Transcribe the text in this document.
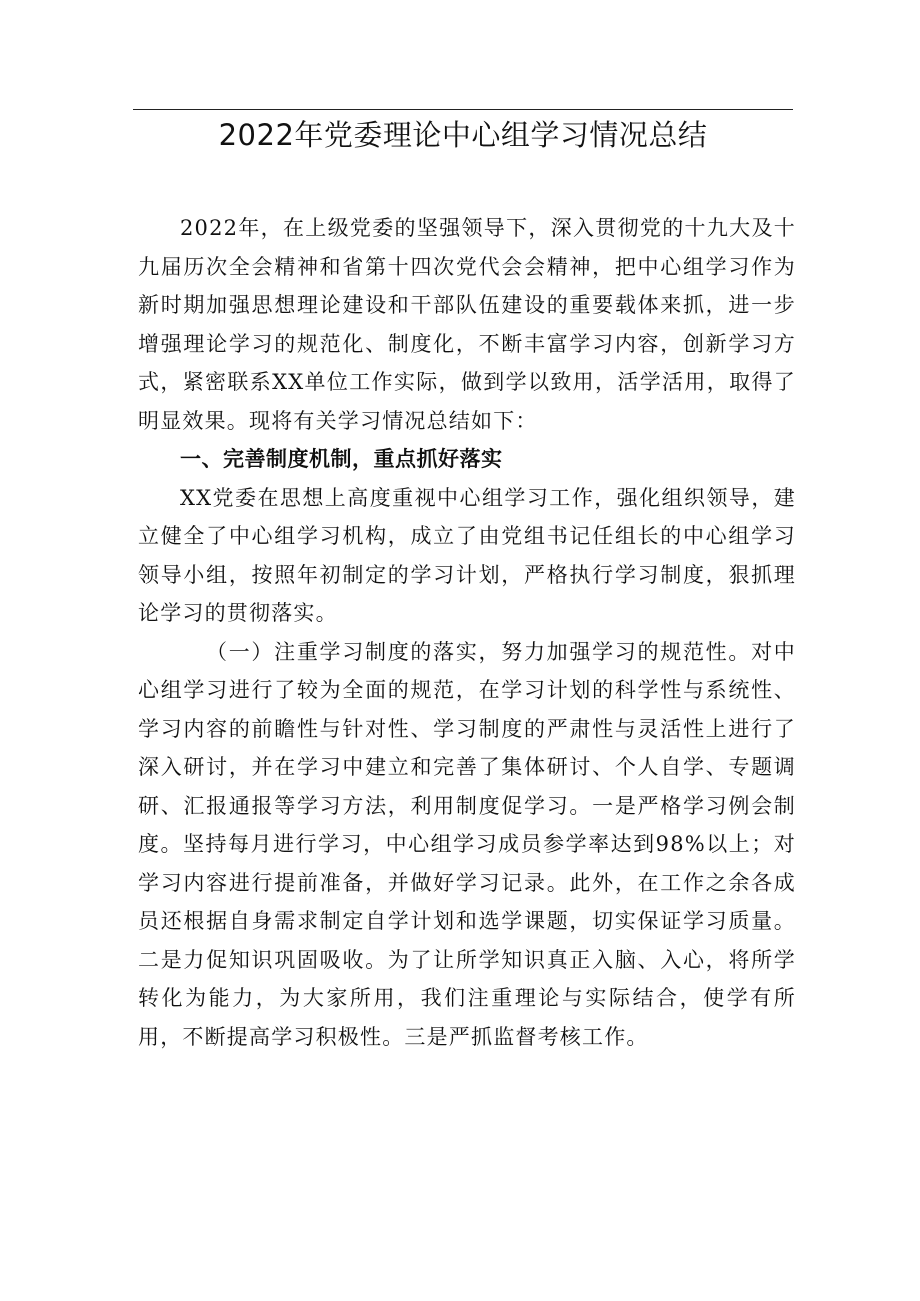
2022年党委理论中心组学习情况总结

2022年，在上级党委的坚强领导下，深入贯彻党的十九大及十九届历次全会精神和省第十四次党代会会精神，把中心组学习作为新时期加强思想理论建设和干部队伍建设的重要载体来抓，进一步增强理论学习的规范化、制度化，不断丰富学习内容，创新学习方式，紧密联系XX单位工作实际，做到学以致用，活学活用，取得了明显效果。现将有关学习情况总结如下：

一、完善制度机制，重点抓好落实

XX党委在思想上高度重视中心组学习工作，强化组织领导，建立健全了中心组学习机构，成立了由党组书记任组长的中心组学习领导小组，按照年初制定的学习计划，严格执行学习制度，狠抓理论学习的贯彻落实。

（一）注重学习制度的落实，努力加强学习的规范性。对中心组学习进行了较为全面的规范，在学习计划的科学性与系统性、学习内容的前瞻性与针对性、学习制度的严肃性与灵活性上进行了深入研讨，并在学习中建立和完善了集体研讨、个人自学、专题调研、汇报通报等学习方法，利用制度促学习。一是严格学习例会制度。坚持每月进行学习，中心组学习成员参学率达到98%以上；对学习内容进行提前准备，并做好学习记录。此外，在工作之余各成员还根据自身需求制定自学计划和选学课题，切实保证学习质量。二是力促知识巩固吸收。为了让所学知识真正入脑、入心，将所学转化为能力，为大家所用，我们注重理论与实际结合，使学有所用，不断提高学习积极性。三是严抓监督考核工作。
